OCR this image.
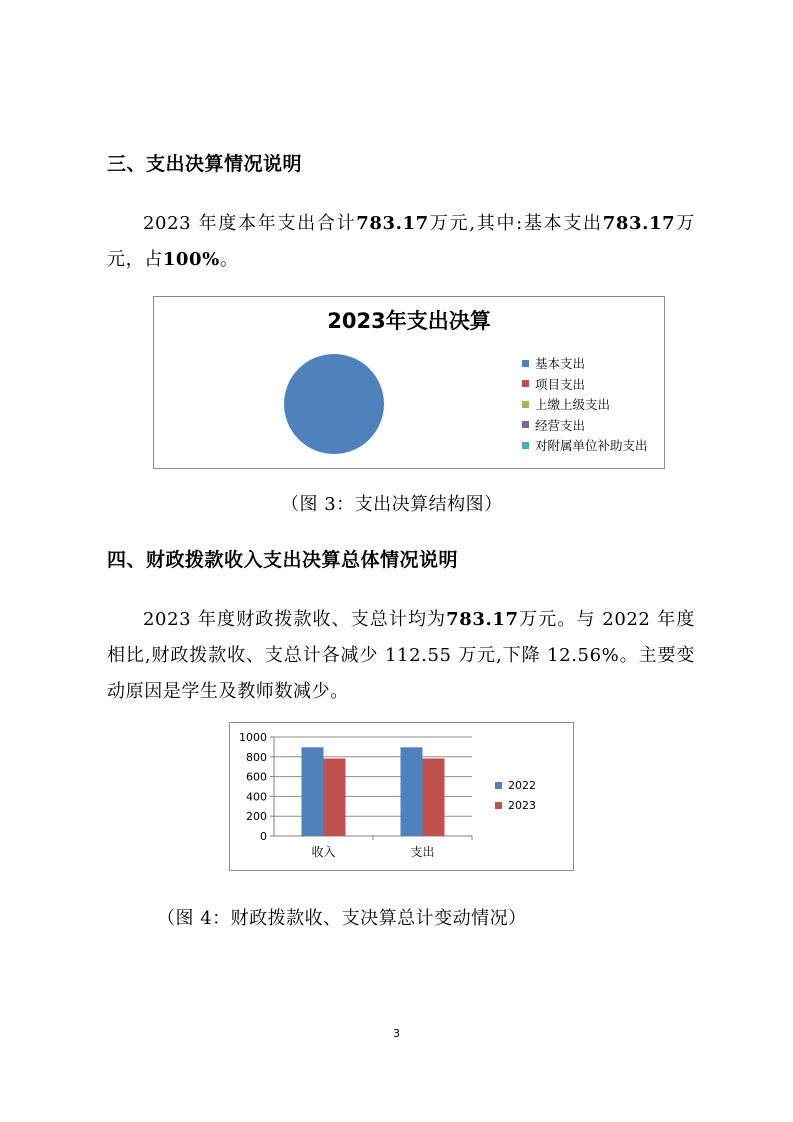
三、支出决算情况说明

2023 年度本年支出合计783.17万元,其中:基本支出783.17万元，占100%。

2023年支出决算
基本支出
项目支出
上缴上级支出
经营支出
对附属单位补助支出

（图 3：支出决算结构图）

四、财政拨款收入支出决算总体情况说明

2023 年度财政拨款收、支总计均为783.17万元。与 2022 年度相比,财政拨款收、支总计各减少 112.55 万元,下降 12.56%。主要变动原因是学生及教师数减少。

0
200
400
600
800
1000
收入	支出
2022
2023

（图 4：财政拨款收、支决算总计变动情况）

3
